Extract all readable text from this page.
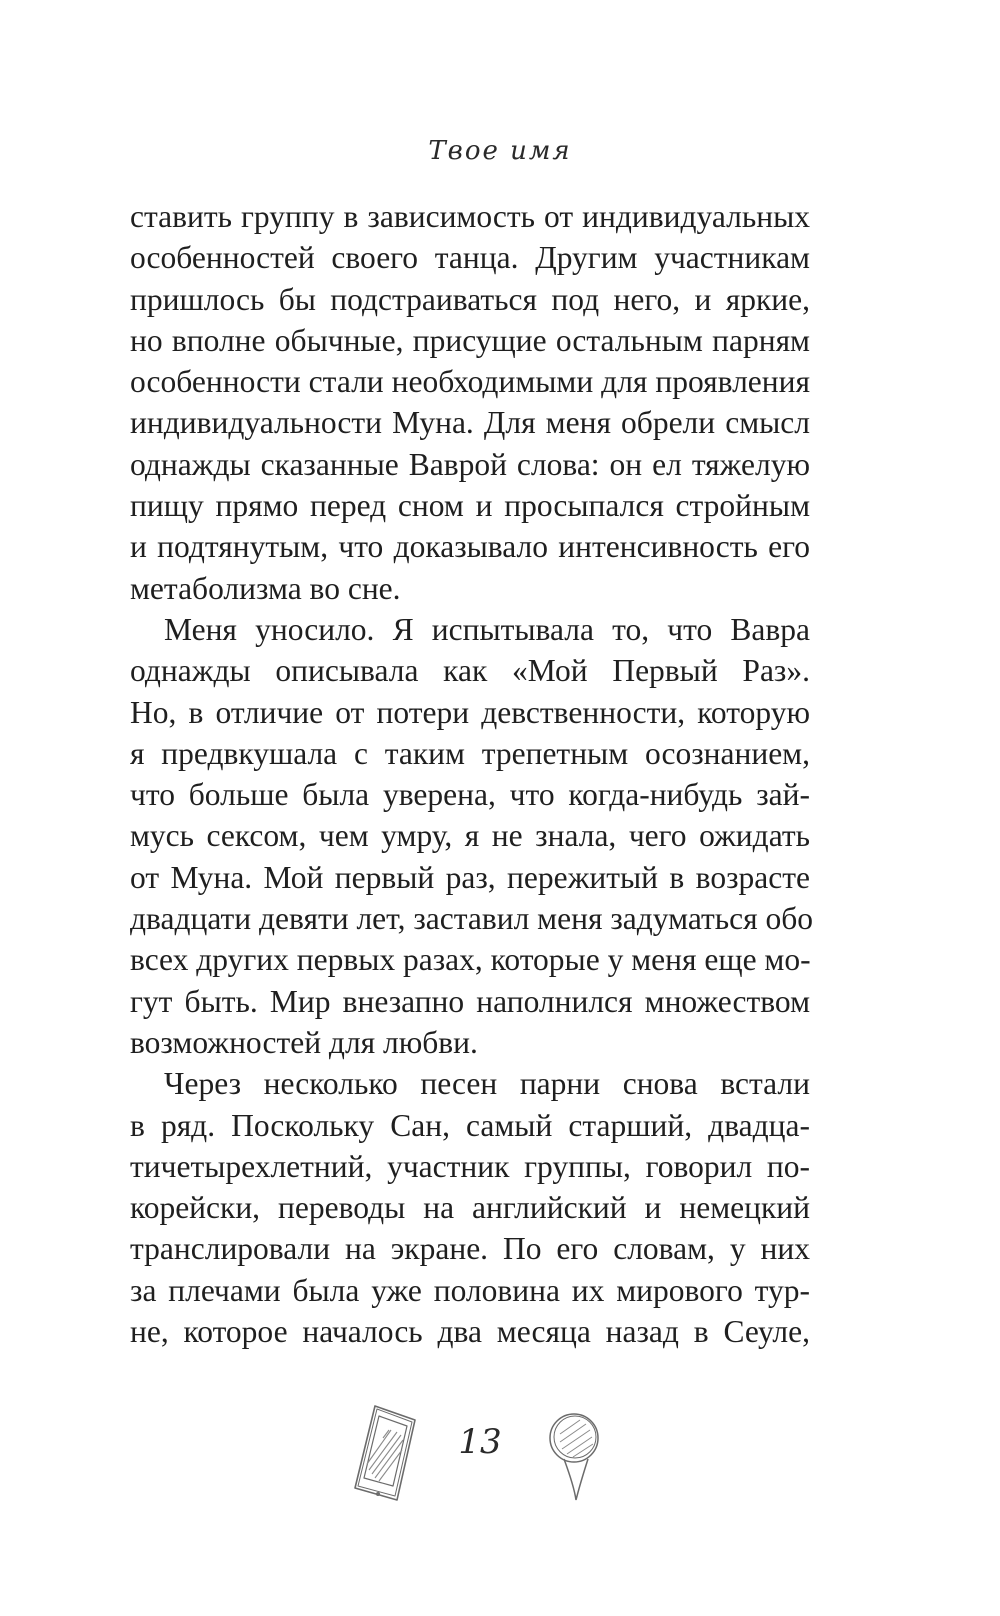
Твое имя

ставить группу в зависимость от индивидуальных
особенностей своего танца. Другим участникам
пришлось бы подстраиваться под него, и яркие,
но вполне обычные, присущие остальным парням
особенности стали необходимыми для проявления
индивидуальности Муна. Для меня обрели смысл
однажды сказанные Ваврой слова: он ел тяжелую
пищу прямо перед сном и просыпался стройным
и подтянутым, что доказывало интенсивность его
метаболизма во сне.

Меня уносило. Я испытывала то, что Вавра
однажды описывала как «Мой Первый Раз».
Но, в отличие от потери девственности, которую
я предвкушала с таким трепетным осознанием,
что больше была уверена, что когда-нибудь зай-
мусь сексом, чем умру, я не знала, чего ожидать
от Муна. Мой первый раз, пережитый в возрасте
двадцати девяти лет, заставил меня задуматься обо
всех других первых разах, которые у меня еще мо-
гут быть. Мир внезапно наполнился множеством
возможностей для любви.

Через несколько песен парни снова встали
в ряд. Поскольку Сан, самый старший, двадца-
тичетырехлетний, участник группы, говорил по-
корейски, переводы на английский и немецкий
транслировали на экране. По его словам, у них
за плечами была уже половина их мирового тур-
не, которое началось два месяца назад в Сеуле,

13
